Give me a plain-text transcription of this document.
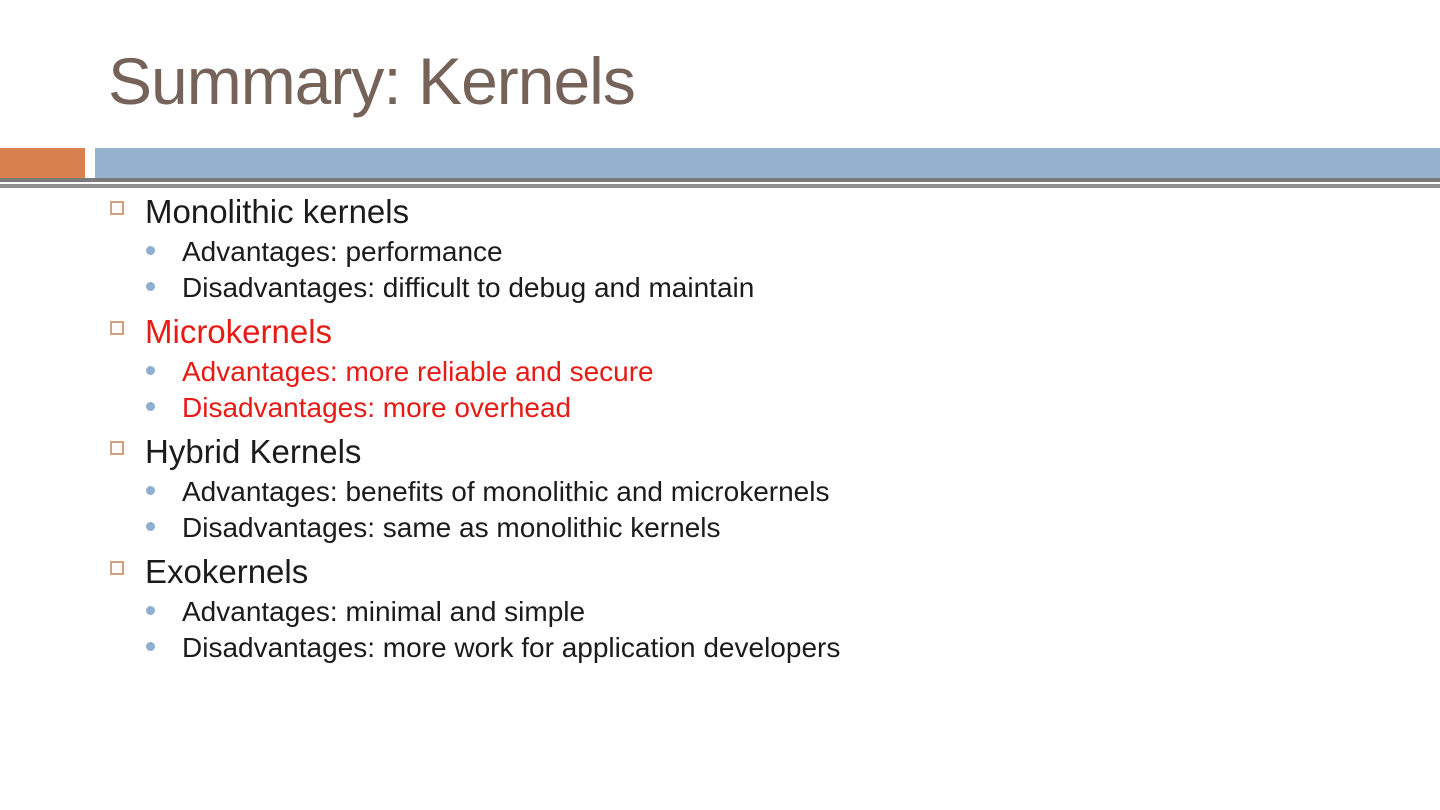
Summary: Kernels
Monolithic kernels
Advantages: performance
Disadvantages: difficult to debug and maintain
Microkernels
Advantages: more reliable and secure
Disadvantages: more overhead
Hybrid Kernels
Advantages: benefits of monolithic and microkernels
Disadvantages: same as monolithic kernels
Exokernels
Advantages: minimal and simple
Disadvantages: more work for application developers
